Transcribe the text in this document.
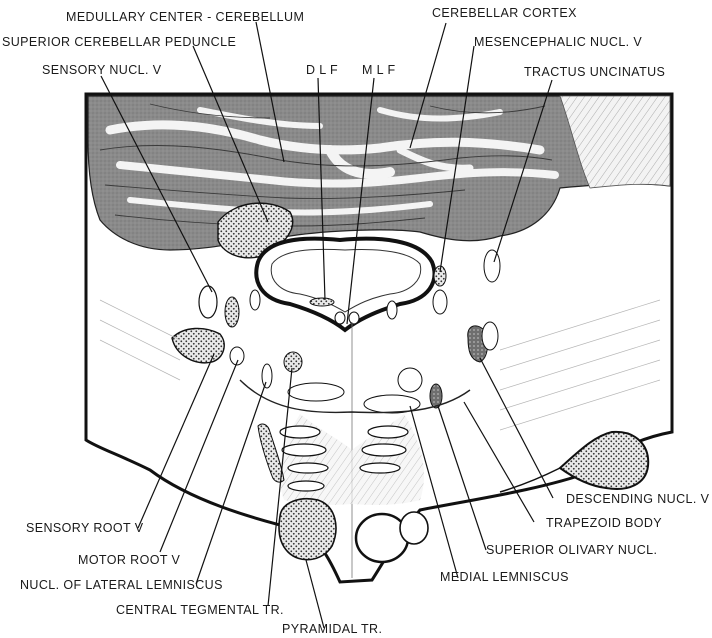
MEDULLARY CENTER - CEREBELLUM	CEREBELLAR CORTEX
SUPERIOR CEREBELLAR PEDUNCLE	MESENCEPHALIC NUCL. V
SENSORY NUCL. V	D L F M L F	TRACTUS UNCINATUS
DESCENDING NUCL. V
TRAPEZOID BODY
SENSORY ROOT V
SUPERIOR OLIVARY NUCL.
MOTOR ROOT V
NUCL. OF LATERAL LEMNISCUS
MEDIAL LEMNISCUS
CENTRAL TEGMENTAL TR.
PYRAMIDAL TR.
